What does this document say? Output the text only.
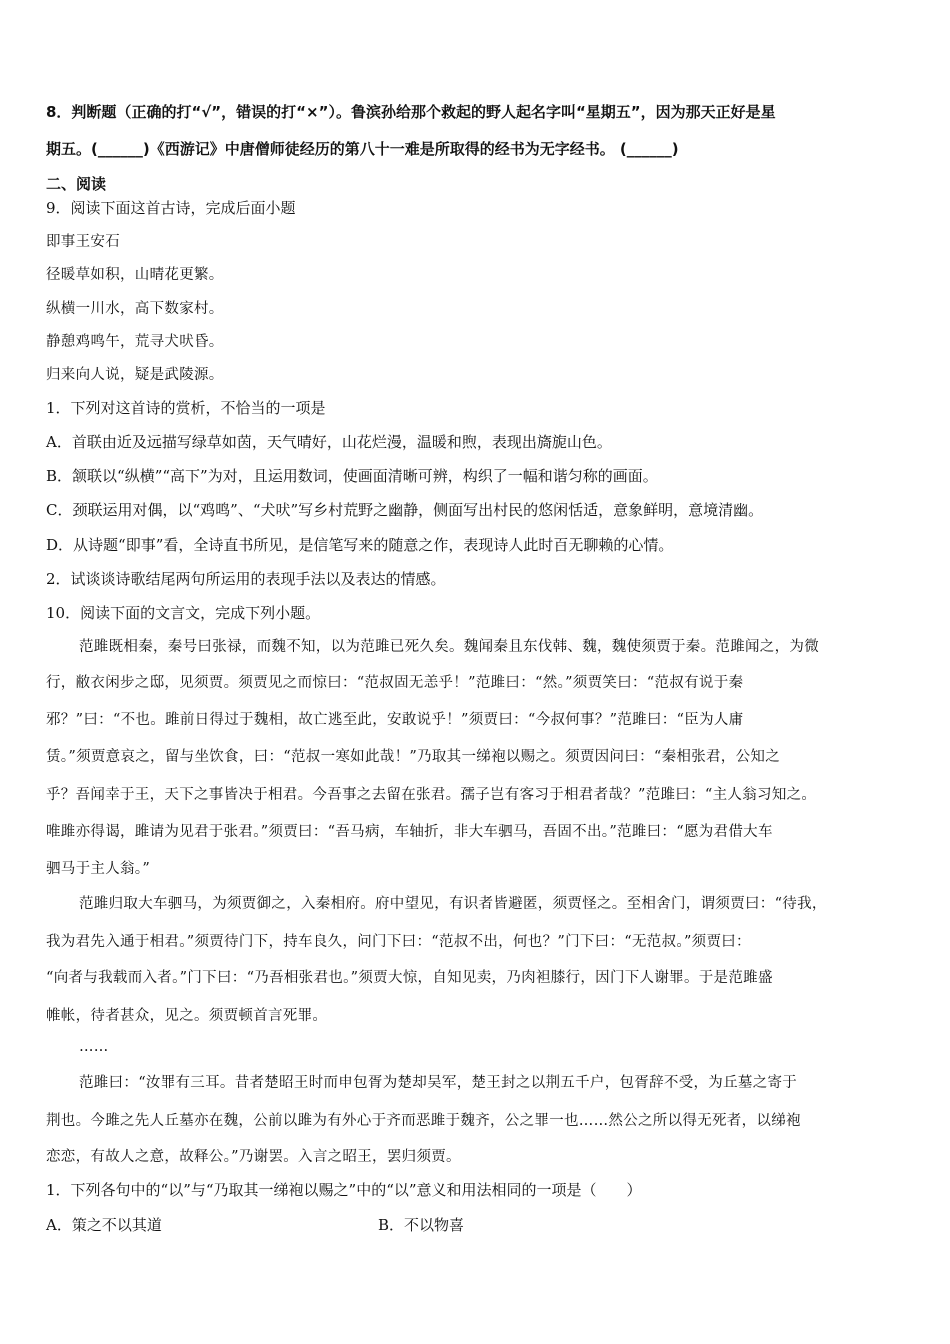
8．判断题（正确的打“√”，错误的打“×”）。鲁滨孙给那个救起的野人起名字叫“星期五”，因为那天正好是星
期五。(______)《西游记》中唐僧师徒经历的第八十一难是所取得的经书为无字经书。 (______)
二、阅读
9．阅读下面这首古诗，完成后面小题
即事王安石
径暖草如积，山晴花更繁。
纵横一川水，高下数家村。
静憩鸡鸣午，荒寻犬吠昏。
归来向人说，疑是武陵源。
1．下列对这首诗的赏析，不恰当的一项是
A．首联由近及远描写绿草如茵，天气晴好，山花烂漫，温暖和煦，表现出旖旎山色。
B．颔联以“纵横”“高下”为对，且运用数词，使画面清晰可辨，构织了一幅和谐匀称的画面。
C．颈联运用对偶，以“鸡鸣”、“犬吠”写乡村荒野之幽静，侧面写出村民的悠闲恬适，意象鲜明，意境清幽。
D．从诗题“即事”看，全诗直书所见，是信笔写来的随意之作，表现诗人此时百无聊赖的心情。
2．试谈谈诗歌结尾两句所运用的表现手法以及表达的情感。
10．阅读下面的文言文，完成下列小题。
范雎既相秦，秦号曰张禄，而魏不知，以为范雎已死久矣。魏闻秦且东伐韩、魏，魏使须贾于秦。范雎闻之，为微
行，敝衣闲步之邸，见须贾。须贾见之而惊曰：“范叔固无恙乎！”范雎曰：“然。”须贾笑曰：“范叔有说于秦
邪？”曰：“不也。雎前日得过于魏相，故亡逃至此，安敢说乎！”须贾曰：“今叔何事？”范雎曰：“臣为人庸
赁。”须贾意哀之，留与坐饮食，曰：“范叔一寒如此哉！”乃取其一绨袍以赐之。须贾因问曰：“秦相张君，公知之
乎？吾闻幸于王，天下之事皆决于相君。今吾事之去留在张君。孺子岂有客习于相君者哉？”范雎曰：“主人翁习知之。
唯雎亦得谒，雎请为见君于张君。”须贾曰：“吾马病，车轴折，非大车驷马，吾固不出。”范雎曰：“愿为君借大车
驷马于主人翁。”
范雎归取大车驷马，为须贾御之，入秦相府。府中望见，有识者皆避匿，须贾怪之。至相舍门，谓须贾曰：“待我，
我为君先入通于相君。”须贾待门下，持车良久，问门下曰：“范叔不出，何也？”门下曰：“无范叔。”须贾曰：
“向者与我载而入者。”门下曰：“乃吾相张君也。”须贾大惊，自知见卖，乃肉袒膝行，因门下人谢罪。于是范雎盛
帷帐，待者甚众，见之。须贾顿首言死罪。
……
范雎曰：“汝罪有三耳。昔者楚昭王时而申包胥为楚却吴军，楚王封之以荆五千户，包胥辞不受，为丘墓之寄于
荆也。今雎之先人丘墓亦在魏，公前以雎为有外心于齐而恶雎于魏齐，公之罪一也……然公之所以得无死者，以绨袍
恋恋，有故人之意，故释公。”乃谢罢。入言之昭王，罢归须贾。
1．下列各句中的“以”与“乃取其一绨袍以赐之”中的“以”意义和用法相同的一项是（　　）
A．策之不以其道	B．不以物喜
